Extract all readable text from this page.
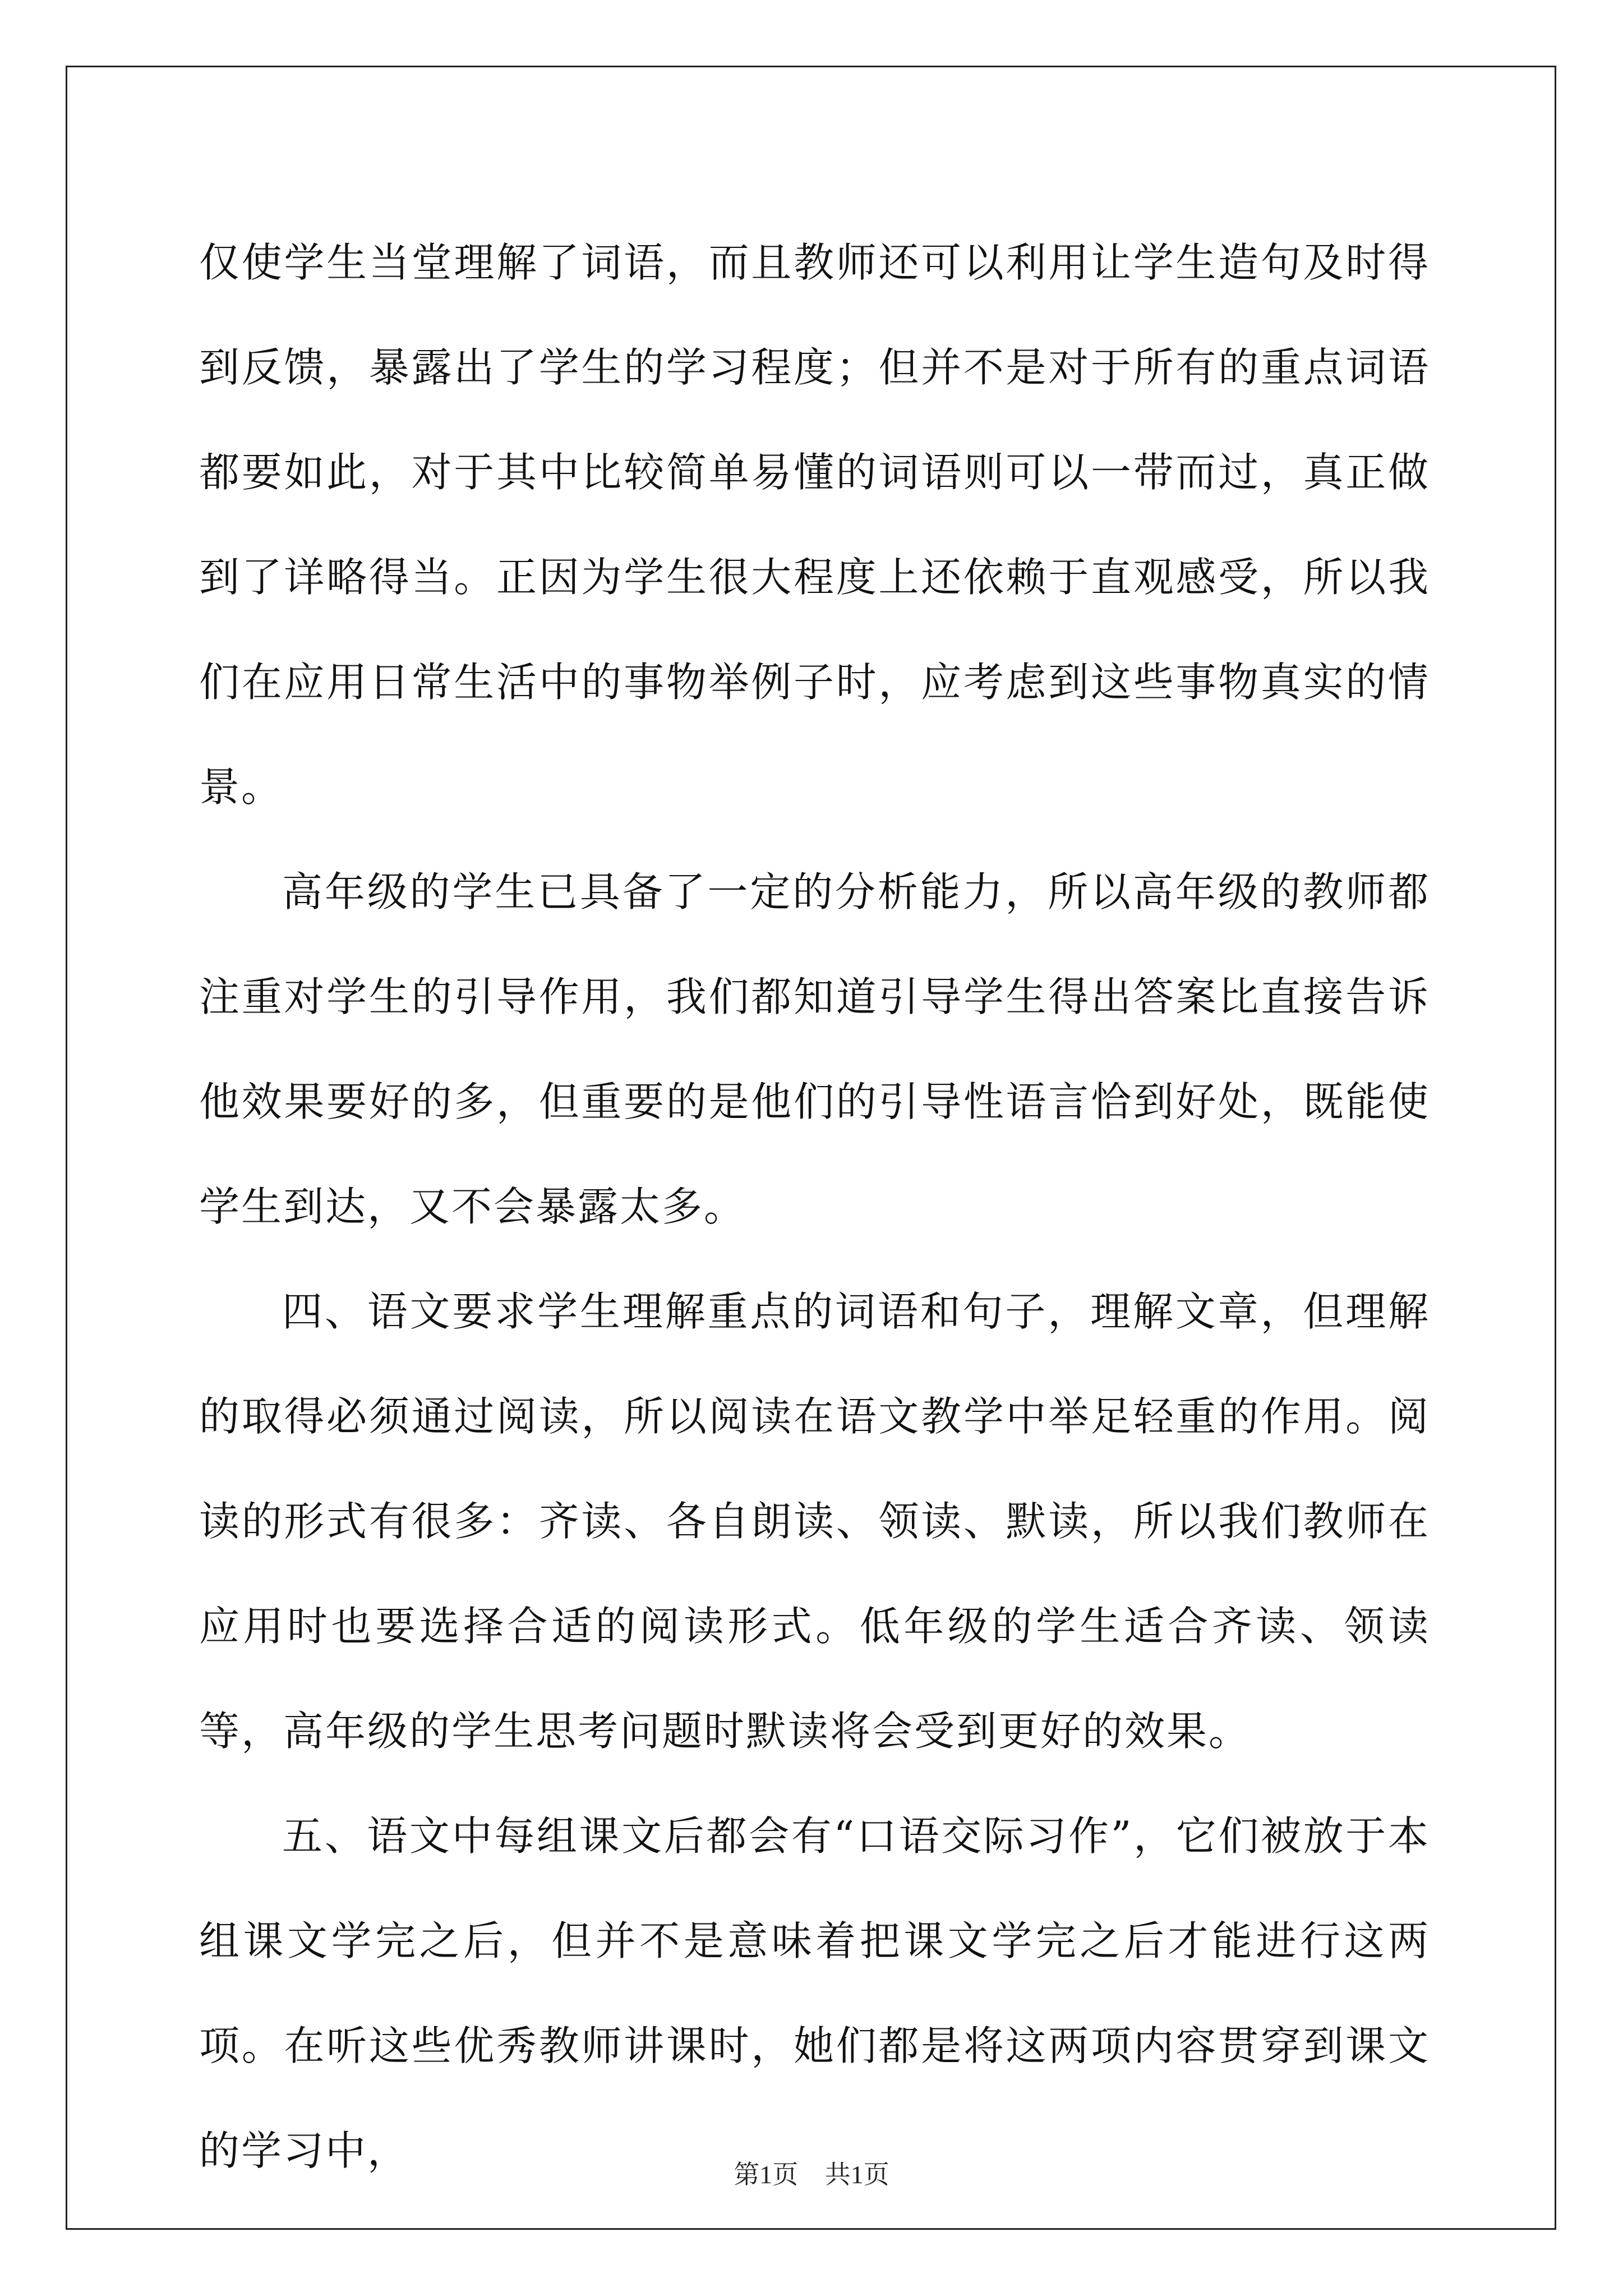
仅使学生当堂理解了词语，而且教师还可以利用让学生造句及时得到反馈，暴露出了学生的学习程度；但并不是对于所有的重点词语都要如此，对于其中比较简单易懂的词语则可以一带而过，真正做到了详略得当。正因为学生很大程度上还依赖于直观感受，所以我们在应用日常生活中的事物举例子时，应考虑到这些事物真实的情景。

高年级的学生已具备了一定的分析能力，所以高年级的教师都注重对学生的引导作用，我们都知道引导学生得出答案比直接告诉他效果要好的多，但重要的是他们的引导性语言恰到好处，既能使学生到达，又不会暴露太多。

四、语文要求学生理解重点的词语和句子，理解文章，但理解的取得必须通过阅读，所以阅读在语文教学中举足轻重的作用。阅读的形式有很多：齐读、各自朗读、领读、默读，所以我们教师在应用时也要选择合适的阅读形式。低年级的学生适合齐读、领读等，高年级的学生思考问题时默读将会受到更好的效果。

五、语文中每组课文后都会有“口语交际习作”，它们被放于本组课文学完之后，但并不是意味着把课文学完之后才能进行这两项。在听这些优秀教师讲课时，她们都是将这两项内容贯穿到课文的学习中，

第1页 共1页
